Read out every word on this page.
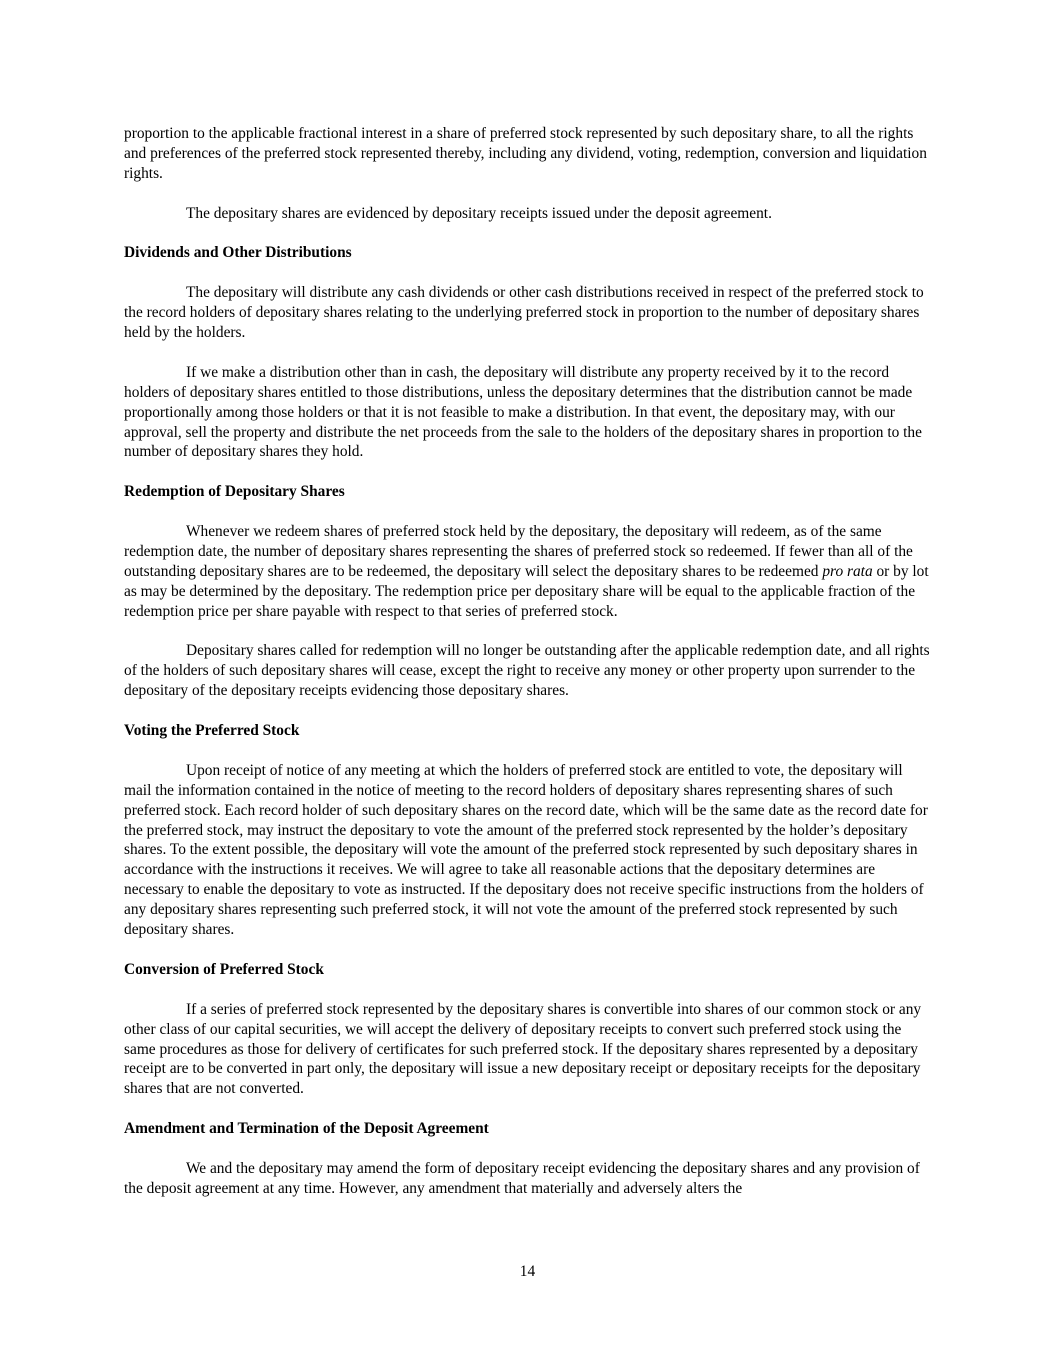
proportion to the applicable fractional interest in a share of preferred stock represented by such depositary share, to all the rights and preferences of the preferred stock represented thereby, including any dividend, voting, redemption, conversion and liquidation rights.

The depositary shares are evidenced by depositary receipts issued under the deposit agreement.

Dividends and Other Distributions

The depositary will distribute any cash dividends or other cash distributions received in respect of the preferred stock to the record holders of depositary shares relating to the underlying preferred stock in proportion to the number of depositary shares held by the holders.

If we make a distribution other than in cash, the depositary will distribute any property received by it to the record holders of depositary shares entitled to those distributions, unless the depositary determines that the distribution cannot be made proportionally among those holders or that it is not feasible to make a distribution. In that event, the depositary may, with our approval, sell the property and distribute the net proceeds from the sale to the holders of the depositary shares in proportion to the number of depositary shares they hold.

Redemption of Depositary Shares

Whenever we redeem shares of preferred stock held by the depositary, the depositary will redeem, as of the same redemption date, the number of depositary shares representing the shares of preferred stock so redeemed. If fewer than all of the outstanding depositary shares are to be redeemed, the depositary will select the depositary shares to be redeemed pro rata or by lot as may be determined by the depositary. The redemption price per depositary share will be equal to the applicable fraction of the redemption price per share payable with respect to that series of preferred stock.

Depositary shares called for redemption will no longer be outstanding after the applicable redemption date, and all rights of the holders of such depositary shares will cease, except the right to receive any money or other property upon surrender to the depositary of the depositary receipts evidencing those depositary shares.

Voting the Preferred Stock

Upon receipt of notice of any meeting at which the holders of preferred stock are entitled to vote, the depositary will mail the information contained in the notice of meeting to the record holders of depositary shares representing shares of such preferred stock. Each record holder of such depositary shares on the record date, which will be the same date as the record date for the preferred stock, may instruct the depositary to vote the amount of the preferred stock represented by the holder’s depositary shares. To the extent possible, the depositary will vote the amount of the preferred stock represented by such depositary shares in accordance with the instructions it receives. We will agree to take all reasonable actions that the depositary determines are necessary to enable the depositary to vote as instructed. If the depositary does not receive specific instructions from the holders of any depositary shares representing such preferred stock, it will not vote the amount of the preferred stock represented by such depositary shares.

Conversion of Preferred Stock

If a series of preferred stock represented by the depositary shares is convertible into shares of our common stock or any other class of our capital securities, we will accept the delivery of depositary receipts to convert such preferred stock using the same procedures as those for delivery of certificates for such preferred stock. If the depositary shares represented by a depositary receipt are to be converted in part only, the depositary will issue a new depositary receipt or depositary receipts for the depositary shares that are not converted.

Amendment and Termination of the Deposit Agreement

We and the depositary may amend the form of depositary receipt evidencing the depositary shares and any provision of the deposit agreement at any time. However, any amendment that materially and adversely alters the

14
